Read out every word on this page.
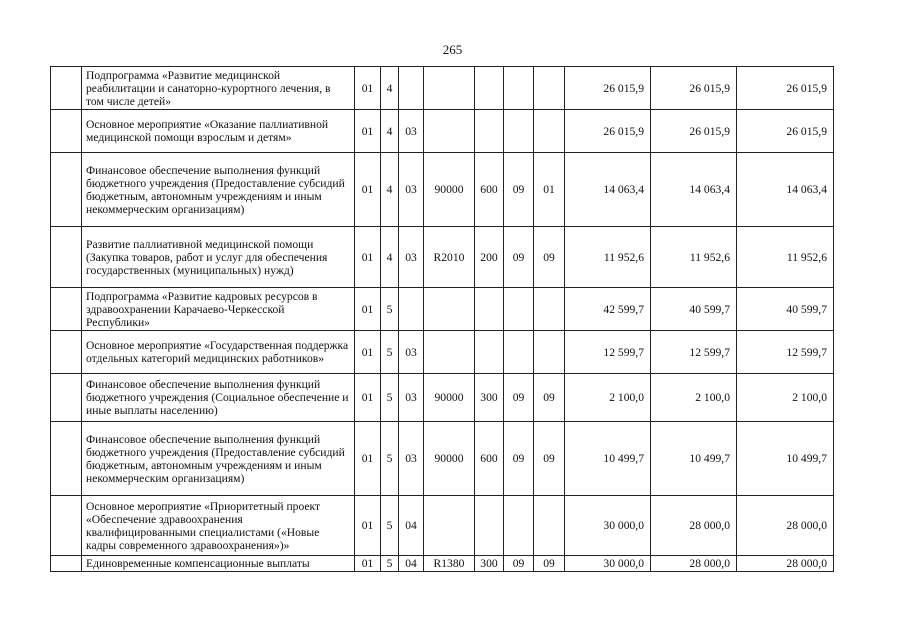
265
	Подпрограмма «Развитие медицинской реабилитации и санаторно-курортного лечения, в том числе детей»	01	4						26 015,9	26 015,9	26 015,9
	Основное мероприятие «Оказание паллиативной медицинской помощи взрослым и детям»	01	4	03					26 015,9	26 015,9	26 015,9
	Финансовое обеспечение выполнения функций бюджетного учреждения (Предоставление субсидий бюджетным, автономным учреждениям и иным некоммерческим организациям)	01	4	03	90000	600	09	01	14 063,4	14 063,4	14 063,4
	Развитие паллиативной медицинской помощи (Закупка товаров, работ и услуг для обеспечения государственных (муниципальных) нужд)	01	4	03	R2010	200	09	09	11 952,6	11 952,6	11 952,6
	Подпрограмма «Развитие кадровых ресурсов в здравоохранении Карачаево-Черкесской Республики»	01	5						42 599,7	40 599,7	40 599,7
	Основное мероприятие «Государственная поддержка отдельных категорий медицинских работников»	01	5	03					12 599,7	12 599,7	12 599,7
	Финансовое обеспечение выполнения функций бюджетного учреждения (Социальное обеспечение и иные выплаты населению)	01	5	03	90000	300	09	09	2 100,0	2 100,0	2 100,0
	Финансовое обеспечение выполнения функций бюджетного учреждения (Предоставление субсидий бюджетным, автономным учреждениям и иным некоммерческим организациям)	01	5	03	90000	600	09	09	10 499,7	10 499,7	10 499,7
	Основное мероприятие «Приоритетный проект «Обеспечение здравоохранения квалифицированными специалистами («Новые кадры современного здравоохранения»)»	01	5	04					30 000,0	28 000,0	28 000,0
	Единовременные компенсационные выплаты	01	5	04	R1380	300	09	09	30 000,0	28 000,0	28 000,0
